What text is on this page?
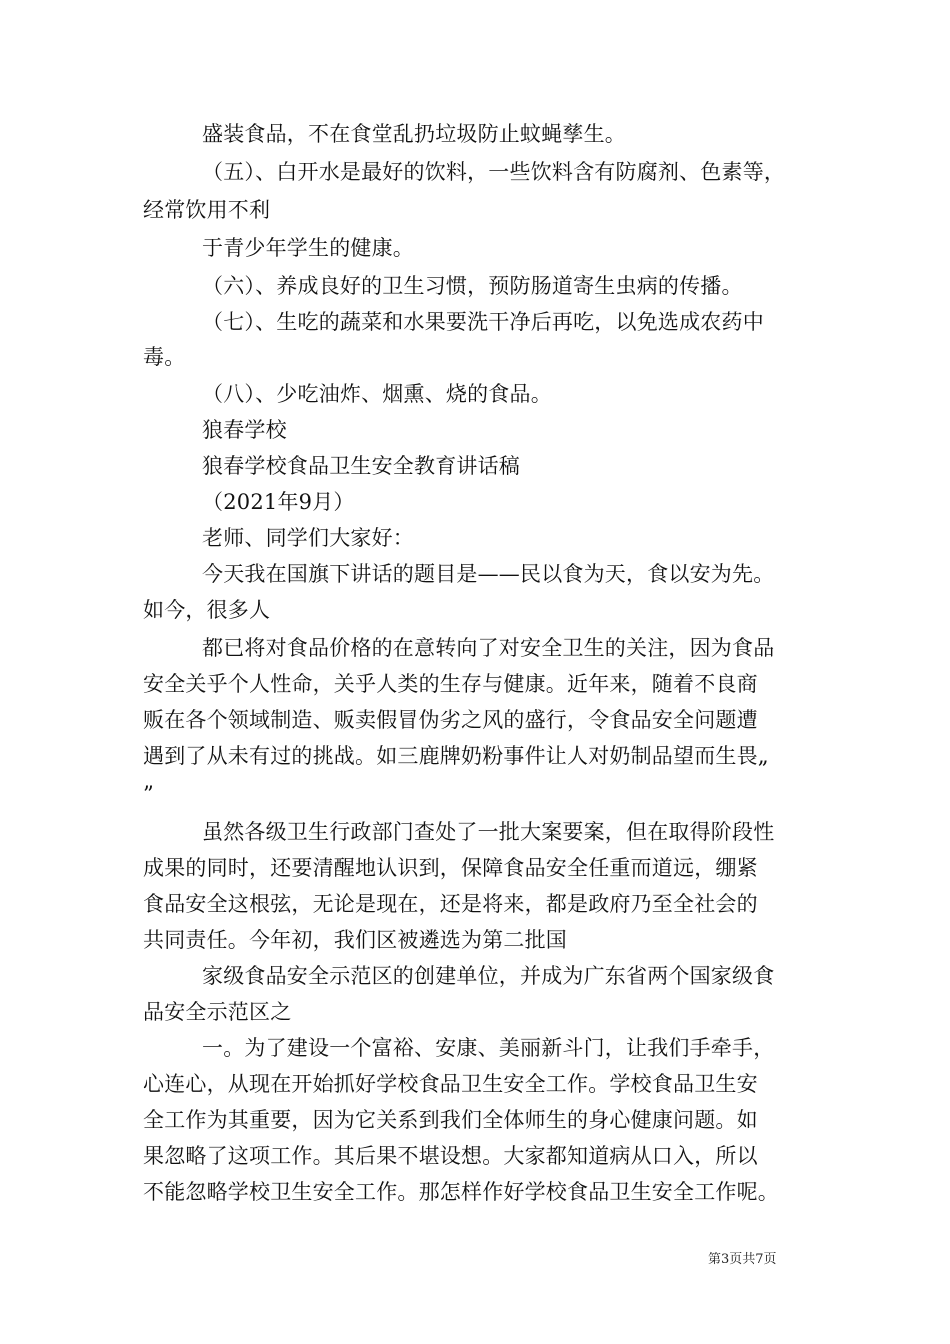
盛装食品，不在食堂乱扔垃圾防止蚊蝇孳生。
（五）、白开水是最好的饮料，一些饮料含有防腐剂、色素等，
经常饮用不利
于青少年学生的健康。
（六）、养成良好的卫生习惯，预防肠道寄生虫病的传播。
（七）、生吃的蔬菜和水果要洗干净后再吃，以免选成农药中
毒。
（八）、少吃油炸、烟熏、烧的食品。
狼春学校
狼春学校食品卫生安全教育讲话稿
（2021年9月）
老师、同学们大家好：
今天我在国旗下讲话的题目是——民以食为天，食以安为先。
如今，很多人
都已将对食品价格的在意转向了对安全卫生的关注，因为食品
安全关乎个人性命，关乎人类的生存与健康。近年来，随着不良商
贩在各个领域制造、贩卖假冒伪劣之风的盛行，令食品安全问题遭
遇到了从未有过的挑战。如三鹿牌奶粉事件让人对奶制品望而生畏„
”
虽然各级卫生行政部门查处了一批大案要案，但在取得阶段性
成果的同时，还要清醒地认识到，保障食品安全任重而道远，绷紧
食品安全这根弦，无论是现在，还是将来，都是政府乃至全社会的
共同责任。今年初，我们区被遴选为第二批国
家级食品安全示范区的创建单位，并成为广东省两个国家级食
品安全示范区之
一。为了建设一个富裕、安康、美丽新斗门，让我们手牵手，
心连心，从现在开始抓好学校食品卫生安全工作。学校食品卫生安
全工作为其重要，因为它关系到我们全体师生的身心健康问题。如
果忽略了这项工作。其后果不堪设想。大家都知道病从口入，所以
不能忽略学校卫生安全工作。那怎样作好学校食品卫生安全工作呢。
第3页共7页
